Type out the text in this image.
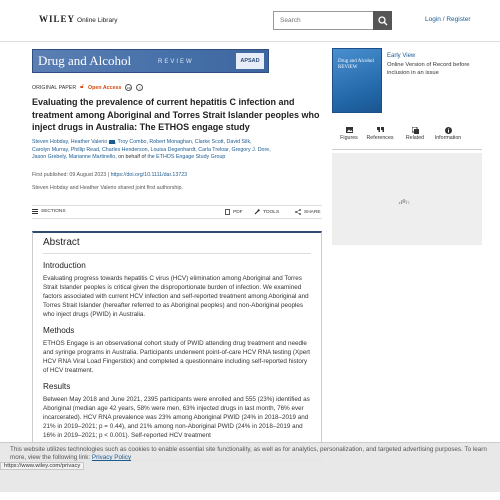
WILEY Online Library
Search	Login / Register
Drug and Alcohol	REVIEW	APSAD
ORIGINAL PAPER 🔓︎ Open Access	cc	i
Evaluating the prevalence of current hepatitis C infection and treatment among Aboriginal and Torres Strait Islander peoples who inject drugs in Australia: The ETHOS engage study
Steven Hobday, Heather Valerio , Troy Combo, Robert Monaghan, Clarke Scott, David Silk,
Carolyn Murray, Phillip Read, Charles Henderson, Louisa Degenhardt, Carla Treloar, Gregory J. Dore,
Jason Grebely, Marianne Martinello, on behalf of the ETHOS Engage Study Group
First published: 09 August 2023 | https://doi.org/10.1111/dar.13723
Steven Hobday and Heather Valerio shared joint first authorship.
SECTIONS	PDF	TOOLS	SHARE
Abstract
Introduction

Evaluating progress towards hepatitis C virus (HCV) elimination among Aboriginal and Torres Strait Islander peoples is critical given the disproportionate burden of infection. We examined factors associated with current HCV infection and self-reported treatment among Aboriginal and Torres Strait Islander (hereafter referred to as Aboriginal peoples) and non-Aboriginal peoples who inject drugs (PWID) in Australia.

Methods

ETHOS Engage is an observational cohort study of PWID attending drug treatment and needle and syringe programs in Australia. Participants underwent point-of-care HCV RNA testing (Xpert HCV RNA Viral Load Fingerstick) and completed a questionnaire including self-reported history of HCV treatment.

Results

Between May 2018 and June 2021, 2395 participants were enrolled and 555 (23%) identified as Aboriginal (median age 42 years, 58% were men, 63% injected drugs in last month, 76% ever incarcerated). HCV RNA prevalence was 23% among Aboriginal PWID (24% in 2018–2019 and 21% in 2019–2021; p = 0.44), and 21% among non-Aboriginal PWID (24% in 2018–2019 and 16% in 2019–2021; p < 0.001). Self-reported HCV treatment

Drug and Alcohol
REVIEW
Early View
Online Version of Record before inclusion in an issue
Figures	References	Related	Information

This website utilizes technologies such as cookies to enable essential site functionality, as well as for analytics, personalization, and targeted advertising purposes. To learn more, view the following link: Privacy Policy

https://www.wiley.com/privacy
